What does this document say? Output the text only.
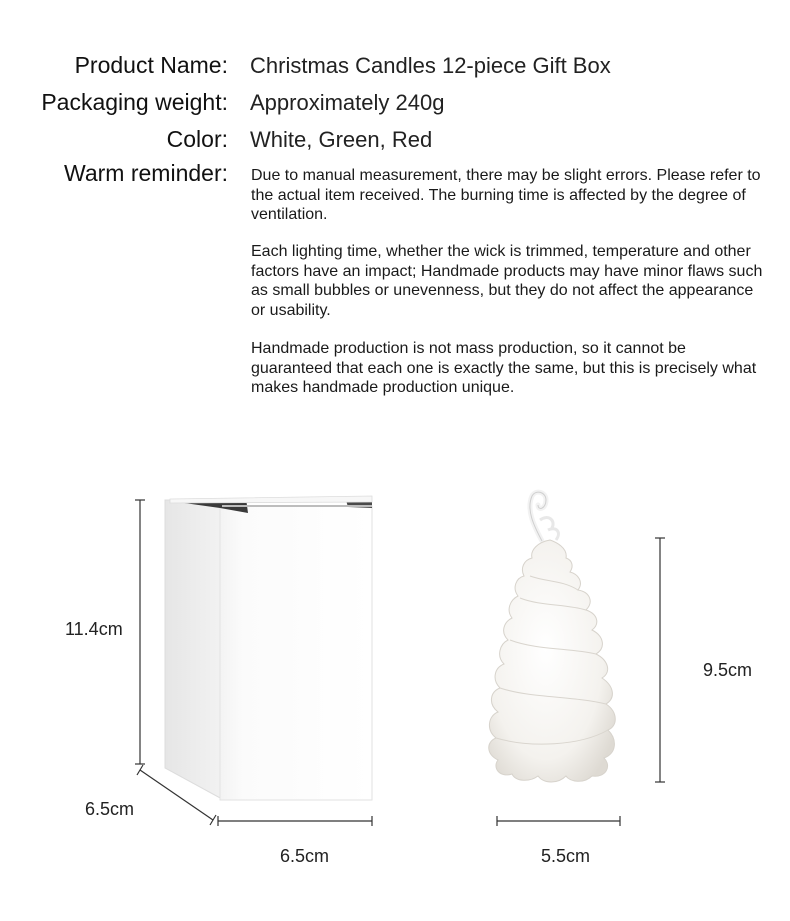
Product Name: Christmas Candles 12-piece Gift Box
Packaging weight: Approximately 240g
Color: White, Green, Red
Warm reminder: Due to manual measurement, there may be slight errors. Please refer to the actual item received. The burning time is affected by the degree of ventilation.

Each lighting time, whether the wick is trimmed, temperature and other factors have an impact; Handmade products may have minor flaws such as small bubbles or unevenness, but they do not affect the appearance or usability.

Handmade production is not mass production, so it cannot be guaranteed that each one is exactly the same, but this is precisely what makes handmade production unique.

11.4cm
6.5cm
6.5cm
9.5cm
5.5cm
